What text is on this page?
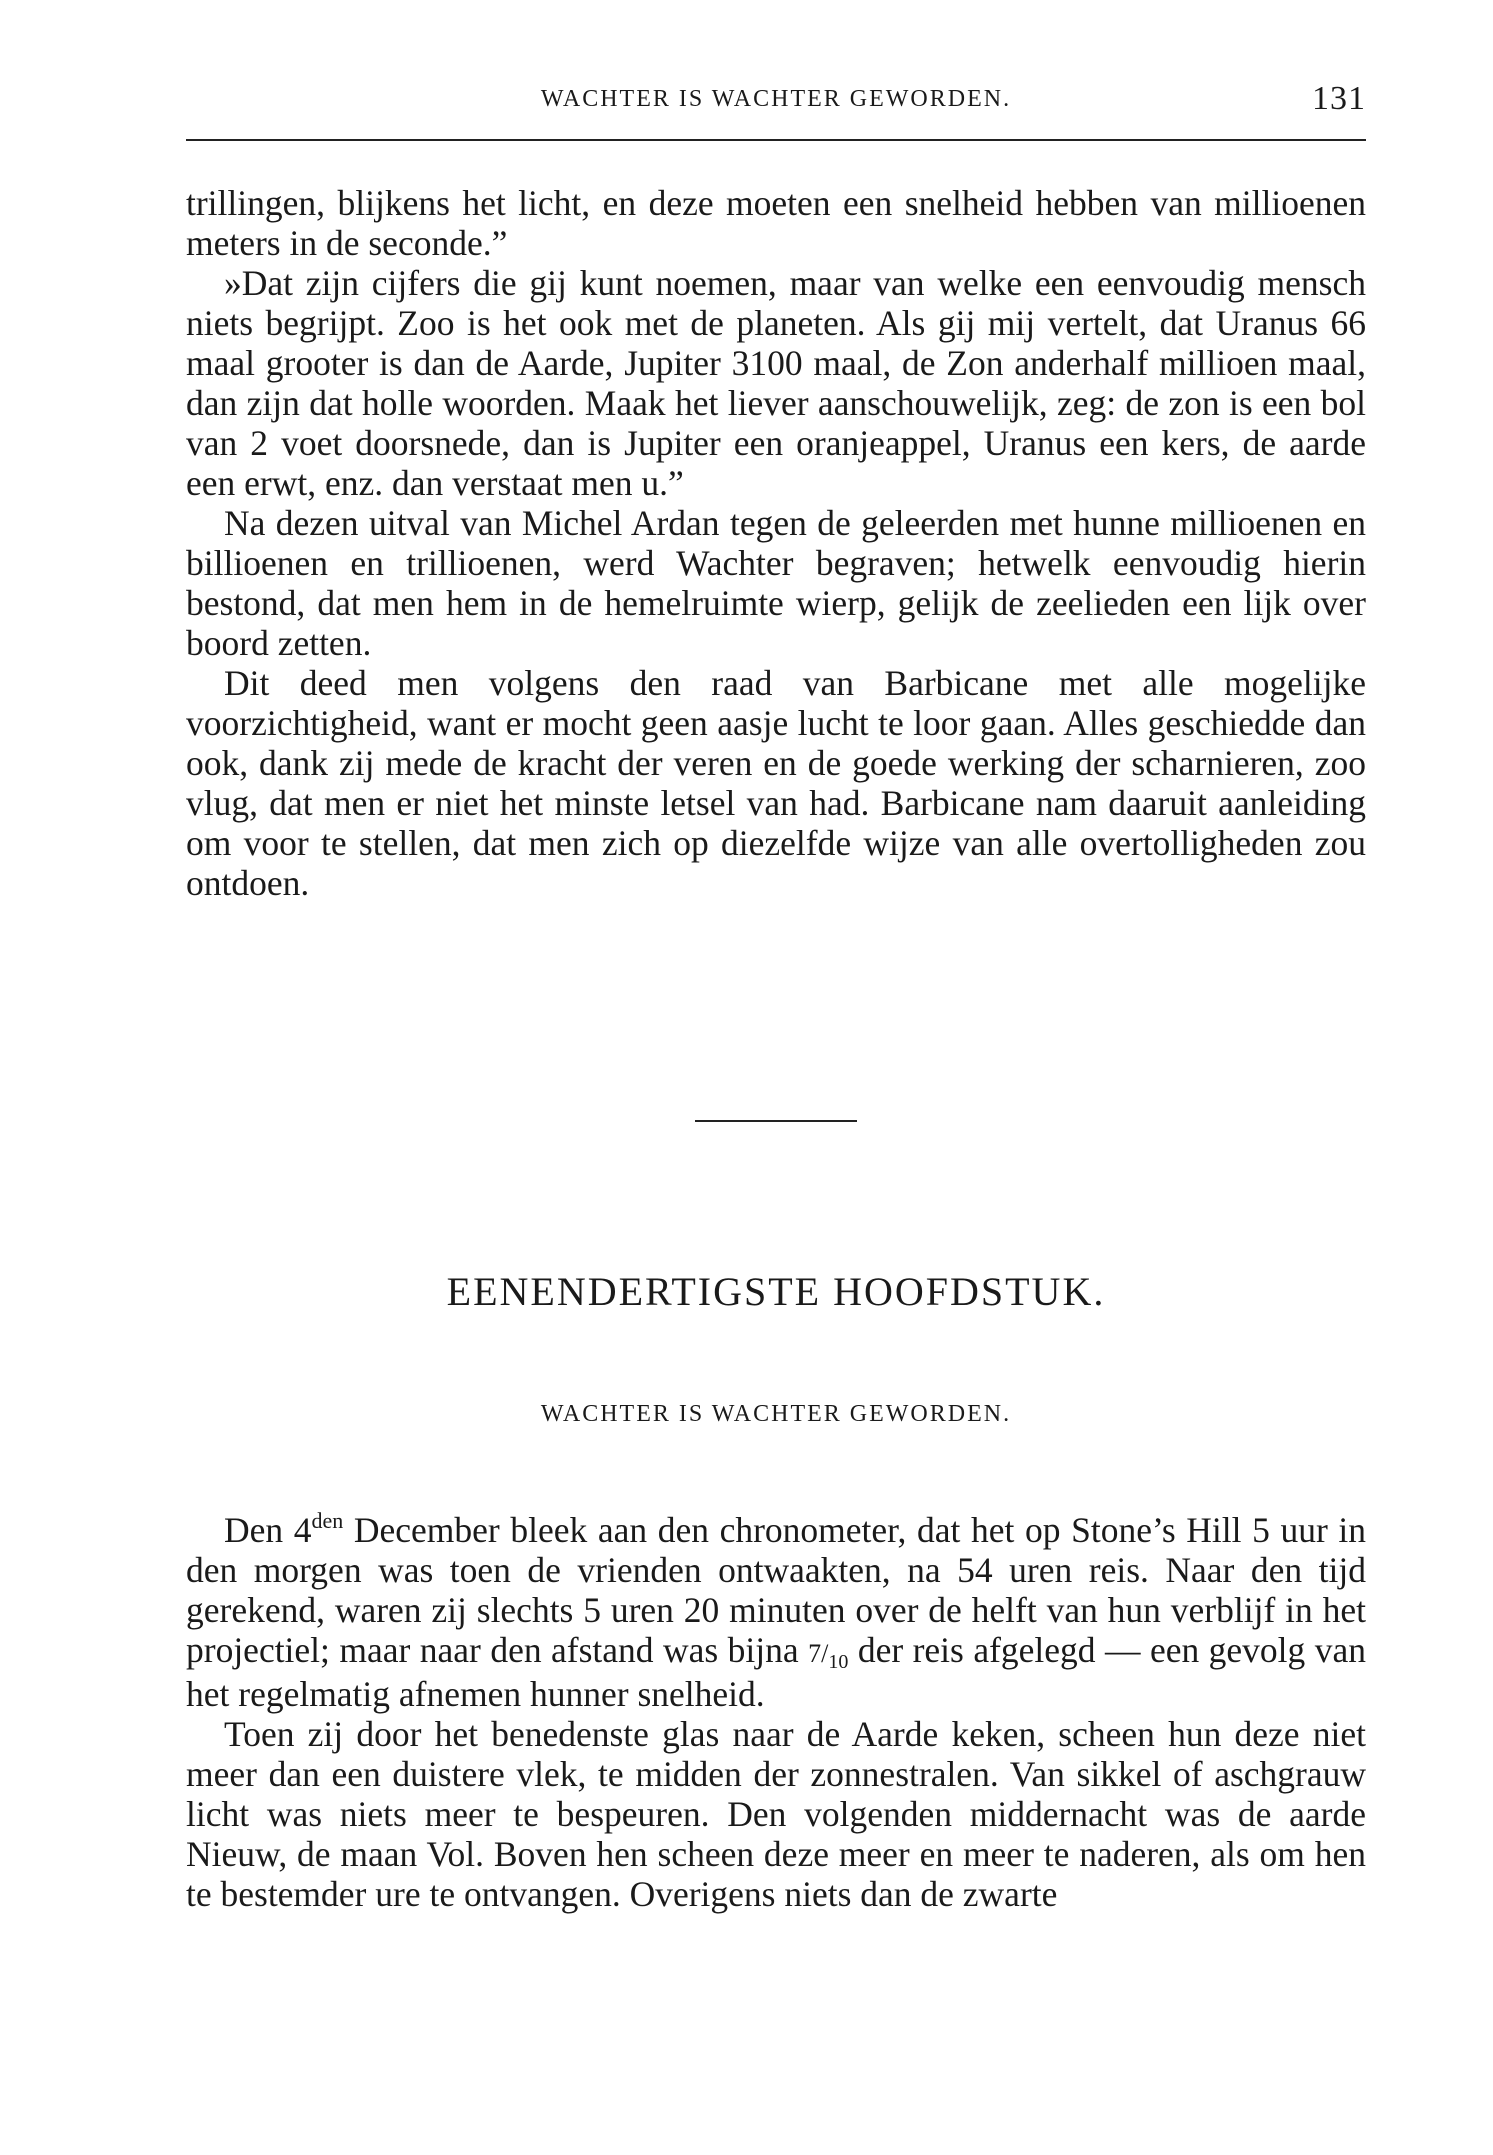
WACHTER IS WACHTER GEWORDEN.	131

trillingen, blijkens het licht, en deze moeten een snelheid hebben van millioenen meters in de seconde.”

»Dat zijn cijfers die gij kunt noemen, maar van welke een eenvoudig mensch niets begrijpt. Zoo is het ook met de planeten. Als gij mij vertelt, dat Uranus 66 maal grooter is dan de Aarde, Jupiter 3100 maal, de Zon anderhalf millioen maal, dan zijn dat holle woorden. Maak het liever aanschouwelijk, zeg: de zon is een bol van 2 voet doorsnede, dan is Jupiter een oranjeappel, Uranus een kers, de aarde een erwt, enz. dan verstaat men u.”

Na dezen uitval van Michel Ardan tegen de geleerden met hunne millioenen en billioenen en trillioenen, werd Wachter begraven; hetwelk eenvoudig hierin bestond, dat men hem in de hemelruimte wierp, gelijk de zeelieden een lijk over boord zetten.

Dit deed men volgens den raad van Barbicane met alle mogelijke voorzichtigheid, want er mocht geen aasje lucht te loor gaan. Alles geschiedde dan ook, dank zij mede de kracht der veren en de goede werking der scharnieren, zoo vlug, dat men er niet het minste letsel van had. Barbicane nam daaruit aanleiding om voor te stellen, dat men zich op diezelfde wijze van alle overtolligheden zou ontdoen.

EENENDERTIGSTE HOOFDSTUK.
WACHTER IS WACHTER GEWORDEN.

Den $4^{den}$ December bleek aan den chronometer, dat het op Stone’s Hill 5 uur in den morgen was toen de vrienden ontwaakten, na 54 uren reis. Naar den tijd gerekend, waren zij slechts 5 uren 20 minuten over de helft van hun verblijf in het projectiel; maar naar den afstand was bijna $7/_{10}$ der reis afgelegd — een gevolg van het regelmatig afnemen hunner snelheid.

Toen zij door het benedenste glas naar de Aarde keken, scheen hun deze niet meer dan een duistere vlek, te midden der zonnestralen. Van sikkel of aschgrauw licht was niets meer te bespeuren. Den volgenden middernacht was de aarde Nieuw, de maan Vol. Boven hen scheen deze meer en meer te naderen, als om hen te bestemder ure te ontvangen. Overigens niets dan de zwarte
